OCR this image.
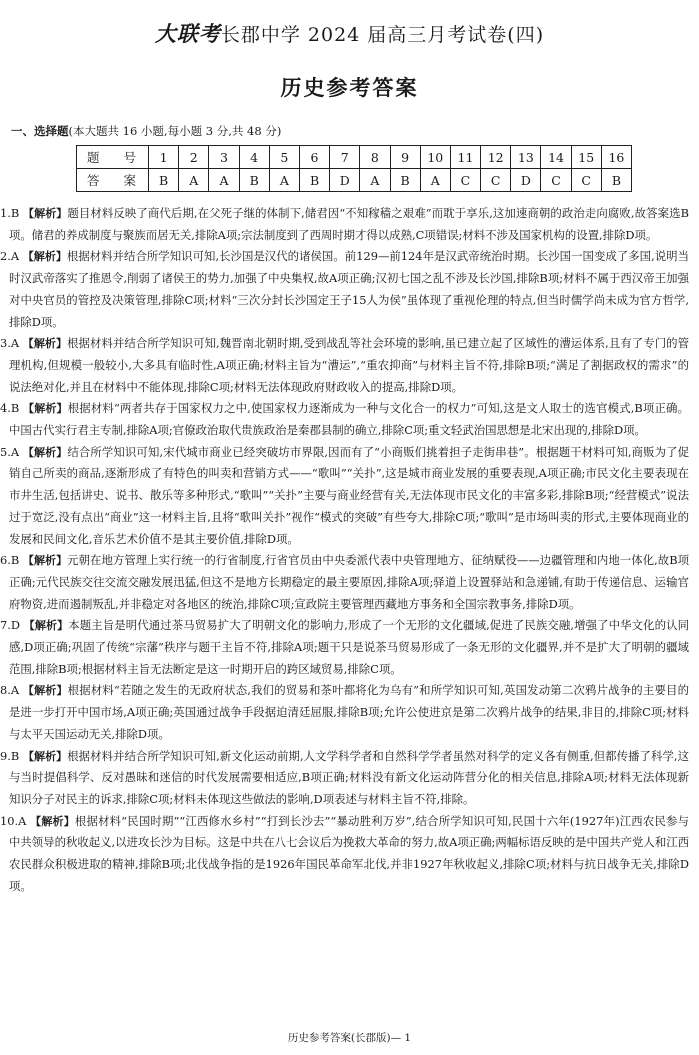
大联考长郡中学 2024 届高三月考试卷(四)
历史参考答案
一、选择题(本大题共 16 小题,每小题 3 分,共 48 分)
题 号	1	2	3	4	5	6	7	8	9	10	11	12	13	14	15	16
答 案	B	A	A	B	A	B	D	A	B	A	C	C	D	C	C	B

1.B 【解析】题目材料反映了商代后期,在父死子继的体制下,储君因“不知稼穑之艰难”而耽于享乐,这加速商朝的政治走向腐败,故答案选B项。储君的养成制度与聚族而居无关,排除A项;宗法制度到了西周时期才得以成熟,C项错误;材料不涉及国家机构的设置,排除D项。

2.A 【解析】根据材料并结合所学知识可知,长沙国是汉代的诸侯国。前129—前124年是汉武帝统治时期。长沙国一国变成了多国,说明当时汉武帝落实了推恩令,削弱了诸侯王的势力,加强了中央集权,故A项正确;汉初七国之乱不涉及长沙国,排除B项;材料不属于西汉帝王加强对中央官员的管控及决策管理,排除C项;材料“三次分封长沙国定王子15人为侯”虽体现了重视伦理的特点,但当时儒学尚未成为官方哲学,排除D项。

3.A 【解析】根据材料并结合所学知识可知,魏晋南北朝时期,受到战乱等社会环境的影响,虽已建立起了区域性的漕运体系,且有了专门的管理机构,但规模一般较小,大多具有临时性,A项正确;材料主旨为“漕运”,“重农抑商”与材料主旨不符,排除B项;“满足了割据政权的需求”的说法绝对化,并且在材料中不能体现,排除C项;材料无法体现政府财政收入的提高,排除D项。

4.B 【解析】根据材料“两者共存于国家权力之中,使国家权力逐渐成为一种与文化合一的权力”可知,这是文人取士的选官模式,B项正确。中国古代实行君主专制,排除A项;官僚政治取代贵族政治是秦郡县制的确立,排除C项;重文轻武治国思想是北宋出现的,排除D项。

5.A 【解析】结合所学知识可知,宋代城市商业已经突破坊市界限,因而有了“小商贩们挑着担子走街串巷”。根据题干材料可知,商贩为了促销自己所卖的商品,逐渐形成了有特色的叫卖和营销方式——“歌叫”“关扑”,这是城市商业发展的重要表现,A项正确;市民文化主要表现在市井生活,包括讲史、说书、散乐等多种形式,“歌叫”“关扑”主要与商业经营有关,无法体现市民文化的丰富多彩,排除B项;“经营模式”说法过于宽泛,没有点出“商业”这一材料主旨,且将“歌叫关扑”视作“模式的突破”有些夸大,排除C项;“歌叫”是市场叫卖的形式,主要体现商业的发展和民间文化,音乐艺术价值不是其主要价值,排除D项。

6.B 【解析】元朝在地方管理上实行统一的行省制度,行省官员由中央委派代表中央管理地方、征纳赋役——边疆管理和内地一体化,故B项正确;元代民族交往交流交融发展迅猛,但这不是地方长期稳定的最主要原因,排除A项;驿道上设置驿站和急递铺,有助于传递信息、运输官府物资,进而遏制叛乱,并非稳定对各地区的统治,排除C项;宣政院主要管理西藏地方事务和全国宗教事务,排除D项。

7.D 【解析】本题主旨是明代通过茶马贸易扩大了明朝文化的影响力,形成了一个无形的文化疆域,促进了民族交融,增强了中华文化的认同感,D项正确;巩固了传统“宗藩”秩序与题干主旨不符,排除A项;题干只是说茶马贸易形成了一条无形的文化疆界,并不是扩大了明朝的疆域范围,排除B项;根据材料主旨无法断定是这一时期开启的跨区域贸易,排除C项。

8.A 【解析】根据材料“若随之发生的无政府状态,我们的贸易和茶叶都将化为乌有”和所学知识可知,英国发动第二次鸦片战争的主要目的是进一步打开中国市场,A项正确;英国通过战争手段据迫清廷屈服,排除B项;允许公使进京是第二次鸦片战争的结果,非目的,排除C项;材料与太平天国运动无关,排除D项。

9.B 【解析】根据材料并结合所学知识可知,新文化运动前期,人文学科学者和自然科学学者虽然对科学的定义各有侧重,但都传播了科学,这与当时提倡科学、反对愚昧和迷信的时代发展需要相适应,B项正确;材料没有新文化运动阵营分化的相关信息,排除A项;材料无法体现新知识分子对民主的诉求,排除C项;材料未体现这些做法的影响,D项表述与材料主旨不符,排除。

10.A 【解析】根据材料“民国时期”“江西修水乡村”“打到长沙去”“暴动胜利万岁”,结合所学知识可知,民国十六年(1927年)江西农民参与中共领导的秋收起义,以进攻长沙为目标。这是中共在八七会议后为挽救大革命的努力,故A项正确;两幅标语反映的是中国共产党人和江西农民群众积极进取的精神,排除B项;北伐战争指的是1926年国民革命军北伐,并非1927年秋收起义,排除C项;材料与抗日战争无关,排除D项。

历史参考答案(长郡版)— 1
